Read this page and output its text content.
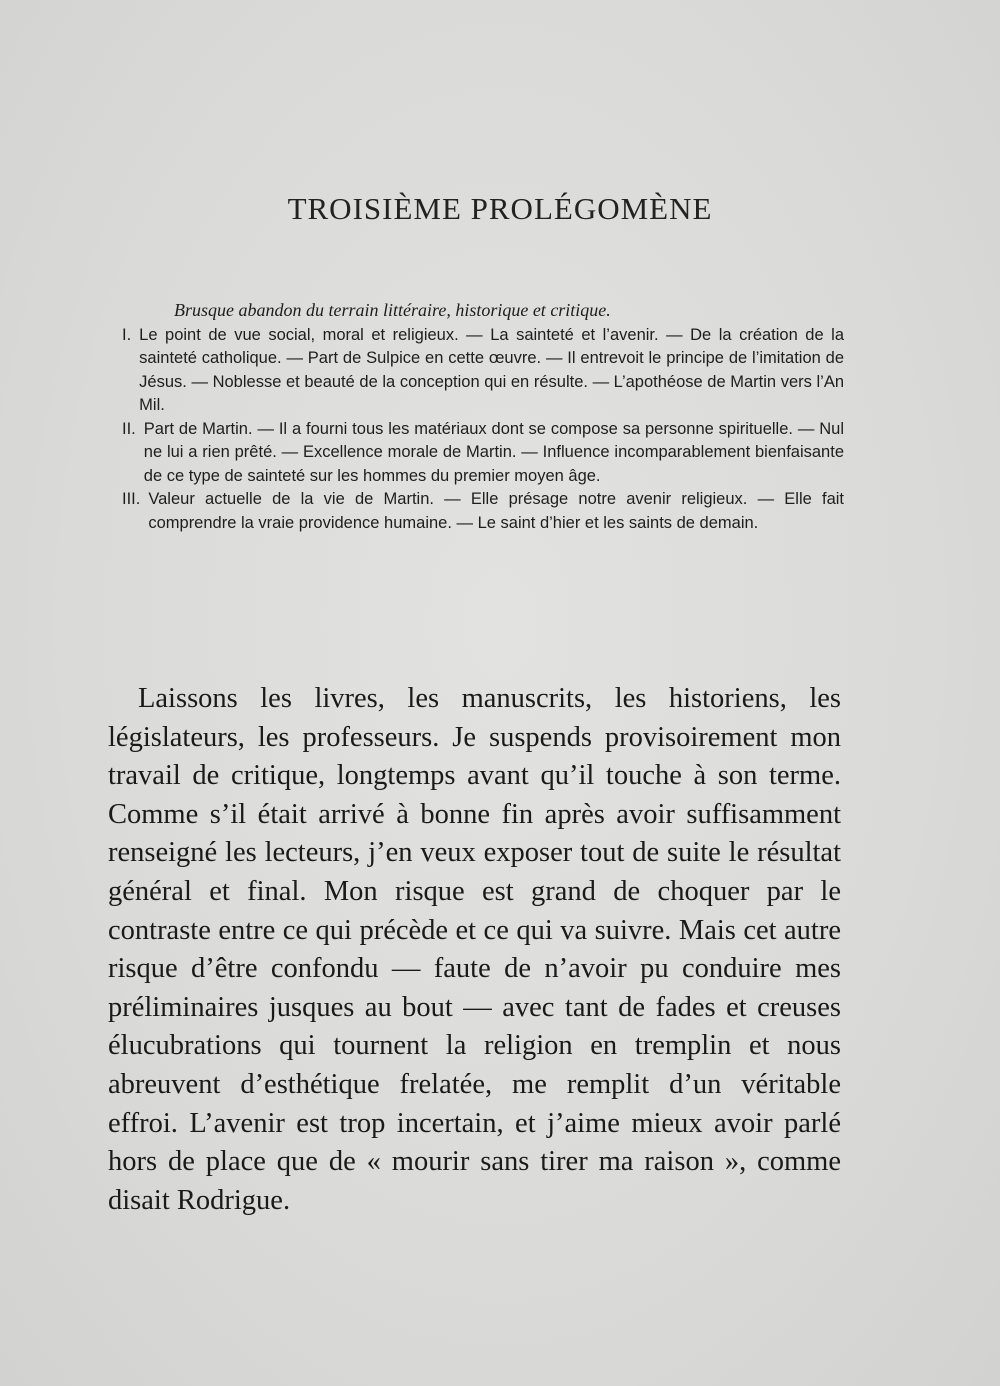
TROISIÈME PROLÉGOMÈNE
Brusque abandon du terrain littéraire, historique et critique.
I. Le point de vue social, moral et religieux. — La sainteté et l’avenir. — De la création de la sainteté catholique. — Part de Sulpice en cette œuvre. — Il entrevoit le principe de l’imitation de Jésus. — Noblesse et beauté de la conception qui en résulte. — L’apothéose de Martin vers l’An Mil.
II. Part de Martin. — Il a fourni tous les matériaux dont se compose sa personne spirituelle. — Nul ne lui a rien prêté. — Excellence morale de Martin. — Influence incomparablement bienfaisante de ce type de sainteté sur les hommes du premier moyen âge.
III. Valeur actuelle de la vie de Martin. — Elle présage notre avenir religieux. — Elle fait comprendre la vraie providence humaine. — Le saint d’hier et les saints de demain.

Laissons les livres, les manuscrits, les historiens, les législateurs, les professeurs. Je suspends provisoirement mon travail de critique, longtemps avant qu’il touche à son terme. Comme s’il était arrivé à bonne fin après avoir suffisamment renseigné les lecteurs, j’en veux exposer tout de suite le résultat général et final. Mon risque est grand de choquer par le contraste entre ce qui précède et ce qui va suivre. Mais cet autre risque d’être confondu — faute de n’avoir pu conduire mes préliminaires jusques au bout — avec tant de fades et creuses élucubrations qui tournent la religion en tremplin et nous abreuvent d’esthétique frelatée, me remplit d’un véritable effroi. L’avenir est trop incertain, et j’aime mieux avoir parlé hors de place que de « mourir sans tirer ma raison », comme disait Rodrigue.
